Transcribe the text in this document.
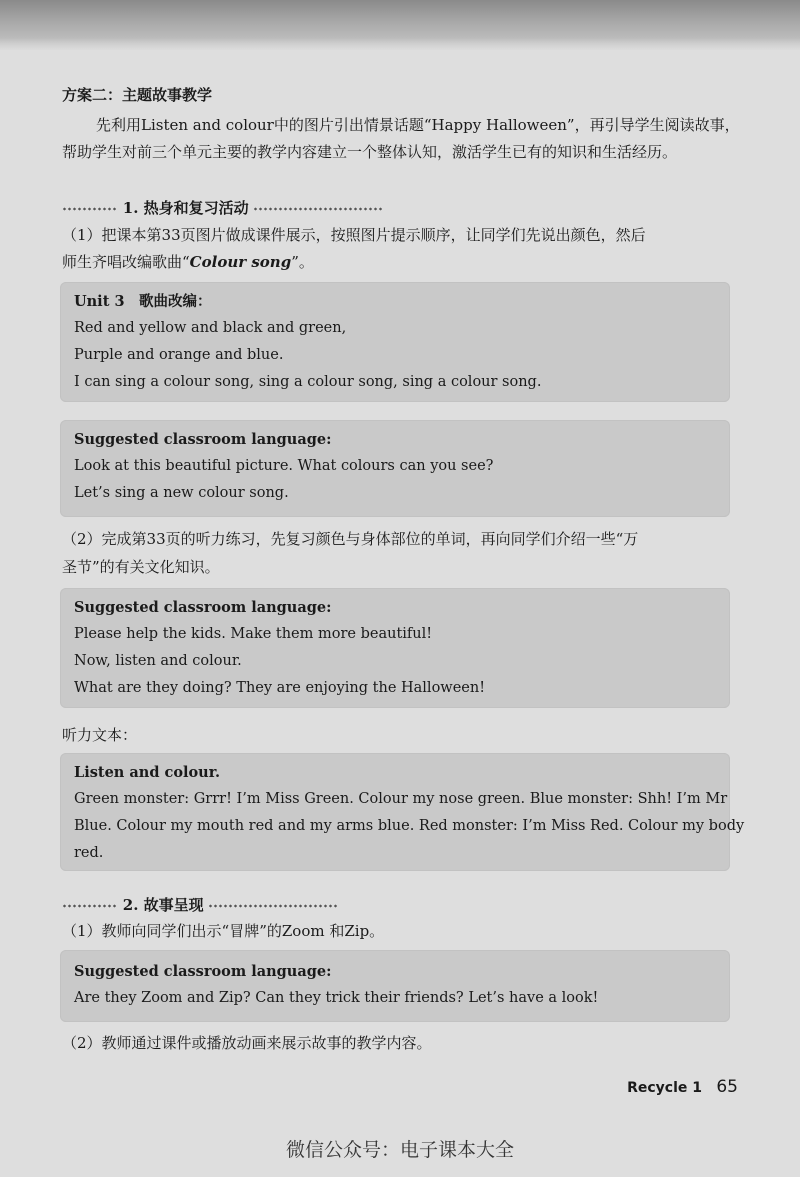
方案二：主题故事教学
先利用Listen and colour中的图片引出情景话题“Happy Halloween”，再引导学生阅读故事，帮助学生对前三个单元主要的教学内容建立一个整体认知，激活学生已有的知识和生活经历。
1. 热身和复习活动
（1）把课本第33页图片做成课件展示，按照图片提示顺序，让同学们先说出颜色，然后
师生齐唱改编歌曲“Colour song”。
Unit 3　歌曲改编：
Red and yellow and black and green,
Purple and orange and blue.
I can sing a colour song, sing a colour song, sing a colour song.
Suggested classroom language:
Look at this beautiful picture. What colours can you see?
Let’s sing a new colour song.
（2）完成第33页的听力练习，先复习颜色与身体部位的单词，再向同学们介绍一些“万
圣节”的有关文化知识。
Suggested classroom language:
Please help the kids. Make them more beautiful!
Now, listen and colour.
What are they doing? They are enjoying the Halloween!
听力文本：
Listen and colour.
Green monster: Grrr! I’m Miss Green. Colour my nose green. Blue monster: Shh! I’m Mr
Blue. Colour my mouth red and my arms blue. Red monster: I’m Miss Red. Colour my body
red.
2. 故事呈现
（1）教师向同学们出示“冒牌”的Zoom 和Zip。
Suggested classroom language:
Are they Zoom and Zip? Can they trick their friends? Let’s have a look!
（2）教师通过课件或播放动画来展示故事的教学内容。
Recycle 1 65
微信公众号：电子课本大全
